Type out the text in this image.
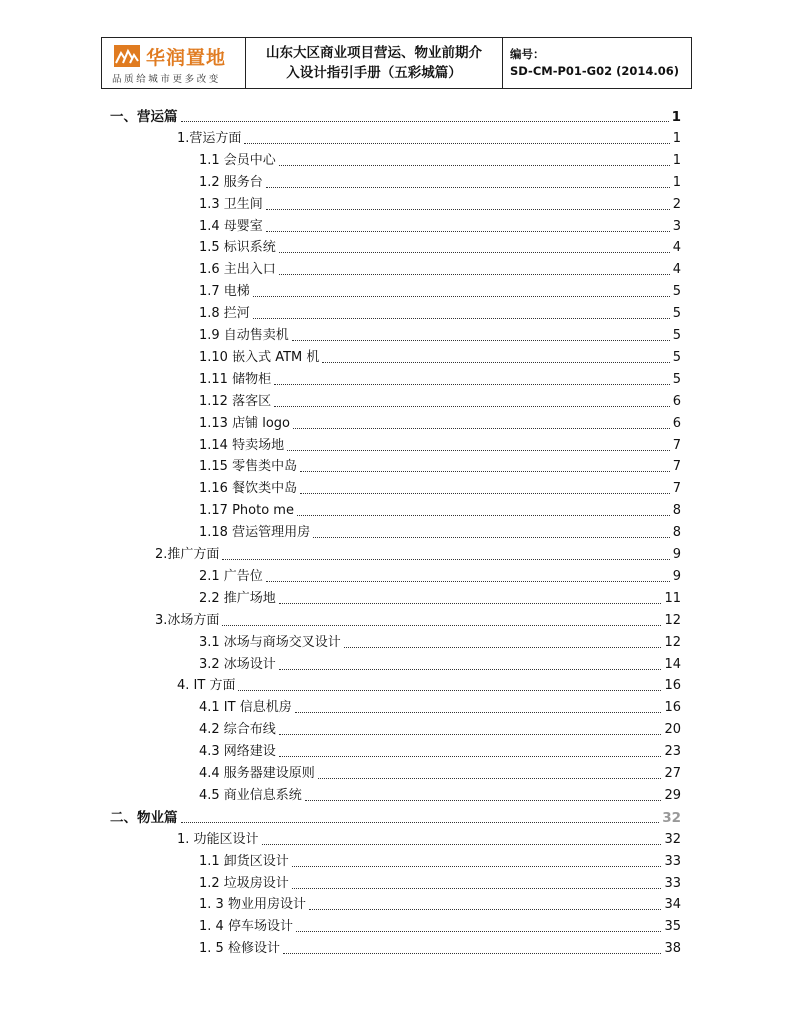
华润置地
品质给城市更多改变
山东大区商业项目营运、物业前期介
入设计指引手册（五彩城篇）
编号：
SD-CM-P01-G02 (2014.06)
一、营运篇	1
1.营运方面	1
1.1 会员中心	1
1.2 服务台	1
1.3 卫生间	2
1.4 母婴室	3
1.5 标识系统	4
1.6 主出入口	4
1.7 电梯	5
1.8 拦河	5
1.9 自动售卖机	5
1.10 嵌入式 ATM 机	5
1.11 储物柜	5
1.12 落客区	6
1.13 店铺 logo	6
1.14 特卖场地	7
1.15 零售类中岛	7
1.16 餐饮类中岛	7
1.17 Photo me	8
1.18 营运管理用房	8
2.推广方面	9
2.1 广告位	9
2.2 推广场地	11
3.冰场方面	12
3.1 冰场与商场交叉设计	12
3.2 冰场设计	14
4. IT 方面	16
4.1 IT 信息机房	16
4.2 综合布线	20
4.3 网络建设	23
4.4 服务器建设原则	27
4.5 商业信息系统	29
二、物业篇	32
1. 功能区设计	32
1.1 卸货区设计	33
1.2 垃圾房设计	33
1. 3 物业用房设计	34
1. 4 停车场设计	35
1. 5 检修设计	38
